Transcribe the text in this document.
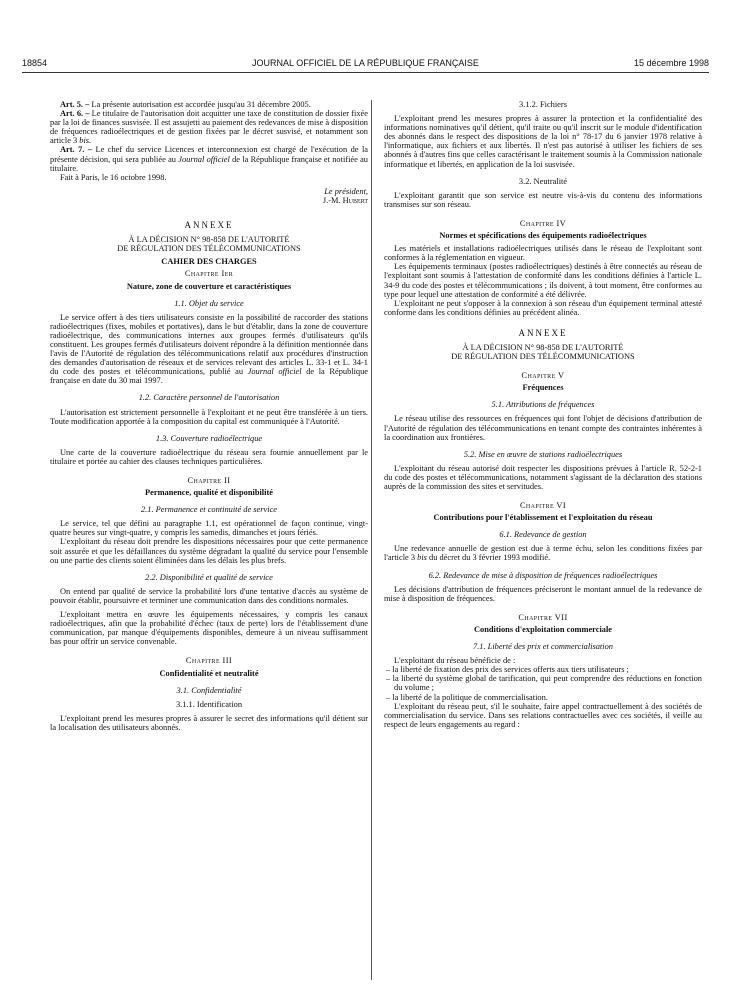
18854	JOURNAL OFFICIEL DE LA RÉPUBLIQUE FRANÇAISE	15 décembre 1998

Art. 5. – La présente autorisation est accordée jusqu'au 31 décembre 2005.

Art. 6. – Le titulaire de l'autorisation doit acquitter une taxe de constitution de dossier fixée par la loi de finances susvisée. Il est assujetti au paiement des redevances de mise à disposition de fréquences radioélectriques et de gestion fixées par le décret susvisé, et notamment son article 3 bis.

Art. 7. – Le chef du service Licences et interconnexion est chargé de l'exécution de la présente décision, qui sera publiée au Journal officiel de la République française et notifiée au titulaire.

Fait à Paris, le 16 octobre 1998.

Le président,

J.-M. Hubert

ANNEXE
À LA DÉCISION N° 98-858 DE L'AUTORITÉ
DE RÉGULATION DES TÉLÉCOMMUNICATIONS
CAHIER DES CHARGES
Chapitre Ier
Nature, zone de couverture et caractéristiques
1.1. Objet du service

Le service offert à des tiers utilisateurs consiste en la possibilité de raccorder des stations radioélectriques (fixes, mobiles et portatives), dans le but d'établir, dans la zone de couverture radioélectrique, des communications internes aux groupes fermés d'utilisateurs qu'ils constituent. Les groupes fermés d'utilisateurs doivent répondre à la définition mentionnée dans l'avis de l'Autorité de régulation des télécommunications relatif aux procédures d'instruction des demandes d'autorisation de réseaux et de services relevant des articles L. 33-1 et L. 34-1 du code des postes et télécommunications, publié au Journal officiel de la République française en date du 30 mai 1997.

1.2. Caractère personnel de l'autorisation

L'autorisation est strictement personnelle à l'exploitant et ne peut être transférée à un tiers. Toute modification apportée à la composition du capital est communiquée à l'Autorité.

1.3. Couverture radioélectrique

Une carte de la couverture radioélectrique du réseau sera fournie annuellement par le titulaire et portée au cahier des clauses techniques particulières.

Chapitre II
Permanence, qualité et disponibilité
2.1. Permanence et continuité de service

Le service, tel que défini au paragraphe 1.1, est opérationnel de façon continue, vingt-quatre heures sur vingt-quatre, y compris les samedis, dimanches et jours fériés.

L'exploitant du réseau doit prendre les dispositions nécessaires pour que cette permanence soit assurée et que les défaillances du système dégradant la qualité du service pour l'ensemble ou une partie des clients soient éliminées dans les délais les plus brefs.

2.2. Disponibilité et qualité de service

On entend par qualité de service la probabilité lors d'une tentative d'accès au système de pouvoir établir, poursuivre et terminer une communication dans des conditions normales.

L'exploitant mettra en œuvre les équipements nécessaires, y compris les canaux radioélectriques, afin que la probabilité d'échec (taux de perte) lors de l'établissement d'une communication, par manque d'équipements disponibles, demeure à un niveau suffisamment bas pour offrir un service convenable.

Chapitre III
Confidentialité et neutralité
3.1. Confidentialité
3.1.1. Identification

L'exploitant prend les mesures propres à assurer le secret des informations qu'il détient sur la localisation des utilisateurs abonnés.

3.1.2. Fichiers

L'exploitant prend les mesures propres à assurer la protection et la confidentialité des informations nominatives qu'il détient, qu'il traite ou qu'il inscrit sur le module d'identification des abonnés dans le respect des dispositions de la loi n° 78-17 du 6 janvier 1978 relative à l'informatique, aux fichiers et aux libertés. Il n'est pas autorisé à utiliser les fichiers de ses abonnés à d'autres fins que celles caractérisant le traitement soumis à la Commission nationale informatique et libertés, en application de la loi susvisée.

3.2. Neutralité

L'exploitant garantit que son service est neutre vis-à-vis du contenu des informations transmises sur son réseau.

Chapitre IV
Normes et spécifications des équipements radioélectriques

Les matériels et installations radioélectriques utilisés dans le réseau de l'exploitant sont conformes à la réglementation en vigueur.

Les équipements terminaux (postes radioélectriques) destinés à être connectés au réseau de l'exploitant sont soumis à l'attestation de conformité dans les conditions définies à l'article L. 34-9 du code des postes et télécommunications ; ils doivent, à tout moment, être conformes au type pour lequel une attestation de conformité a été délivrée.

L'exploitant ne peut s'opposer à la connexion à son réseau d'un équipement terminal attesté conforme dans les conditions définies au précédent alinéa.

ANNEXE
À LA DÉCISION N° 98-858 DE L'AUTORITÉ
DE RÉGULATION DES TÉLÉCOMMUNICATIONS
Chapitre V
Fréquences
5.1. Attributions de fréquences

Le réseau utilise des ressources en fréquences qui font l'objet de décisions d'attribution de l'Autorité de régulation des télécommunications en tenant compte des contraintes inhérentes à la coordination aux frontières.

5.2. Mise en œuvre de stations radioélectriques

L'exploitant du réseau autorisé doit respecter les dispositions prévues à l'article R. 52-2-1 du code des postes et télécommunications, notamment s'agissant de la déclaration des stations auprès de la commission des sites et servitudes.

Chapitre VI
Contributions pour l'établissement et l'exploitation du réseau
6.1. Redevance de gestion

Une redevance annuelle de gestion est due à terme échu, selon les conditions fixées par l'article 3 bis du décret du 3 février 1993 modifié.

6.2. Redevance de mise à disposition de fréquences radioélectriques

Les décisions d'attribution de fréquences préciseront le montant annuel de la redevance de mise à disposition de fréquences.

Chapitre VII
Conditions d'exploitation commerciale
7.1. Liberté des prix et commercialisation

L'exploitant du réseau bénéficie de :

– la liberté de fixation des prix des services offerts aux tiers utilisateurs ;
– la liberté du système global de tarification, qui peut comprendre des réductions en fonction du volume ;
– la liberté de la politique de commercialisation.

L'exploitant du réseau peut, s'il le souhaite, faire appel contractuellement à des sociétés de commercialisation du service. Dans ses relations contractuelles avec ces sociétés, il veille au respect de leurs engagements au regard :
